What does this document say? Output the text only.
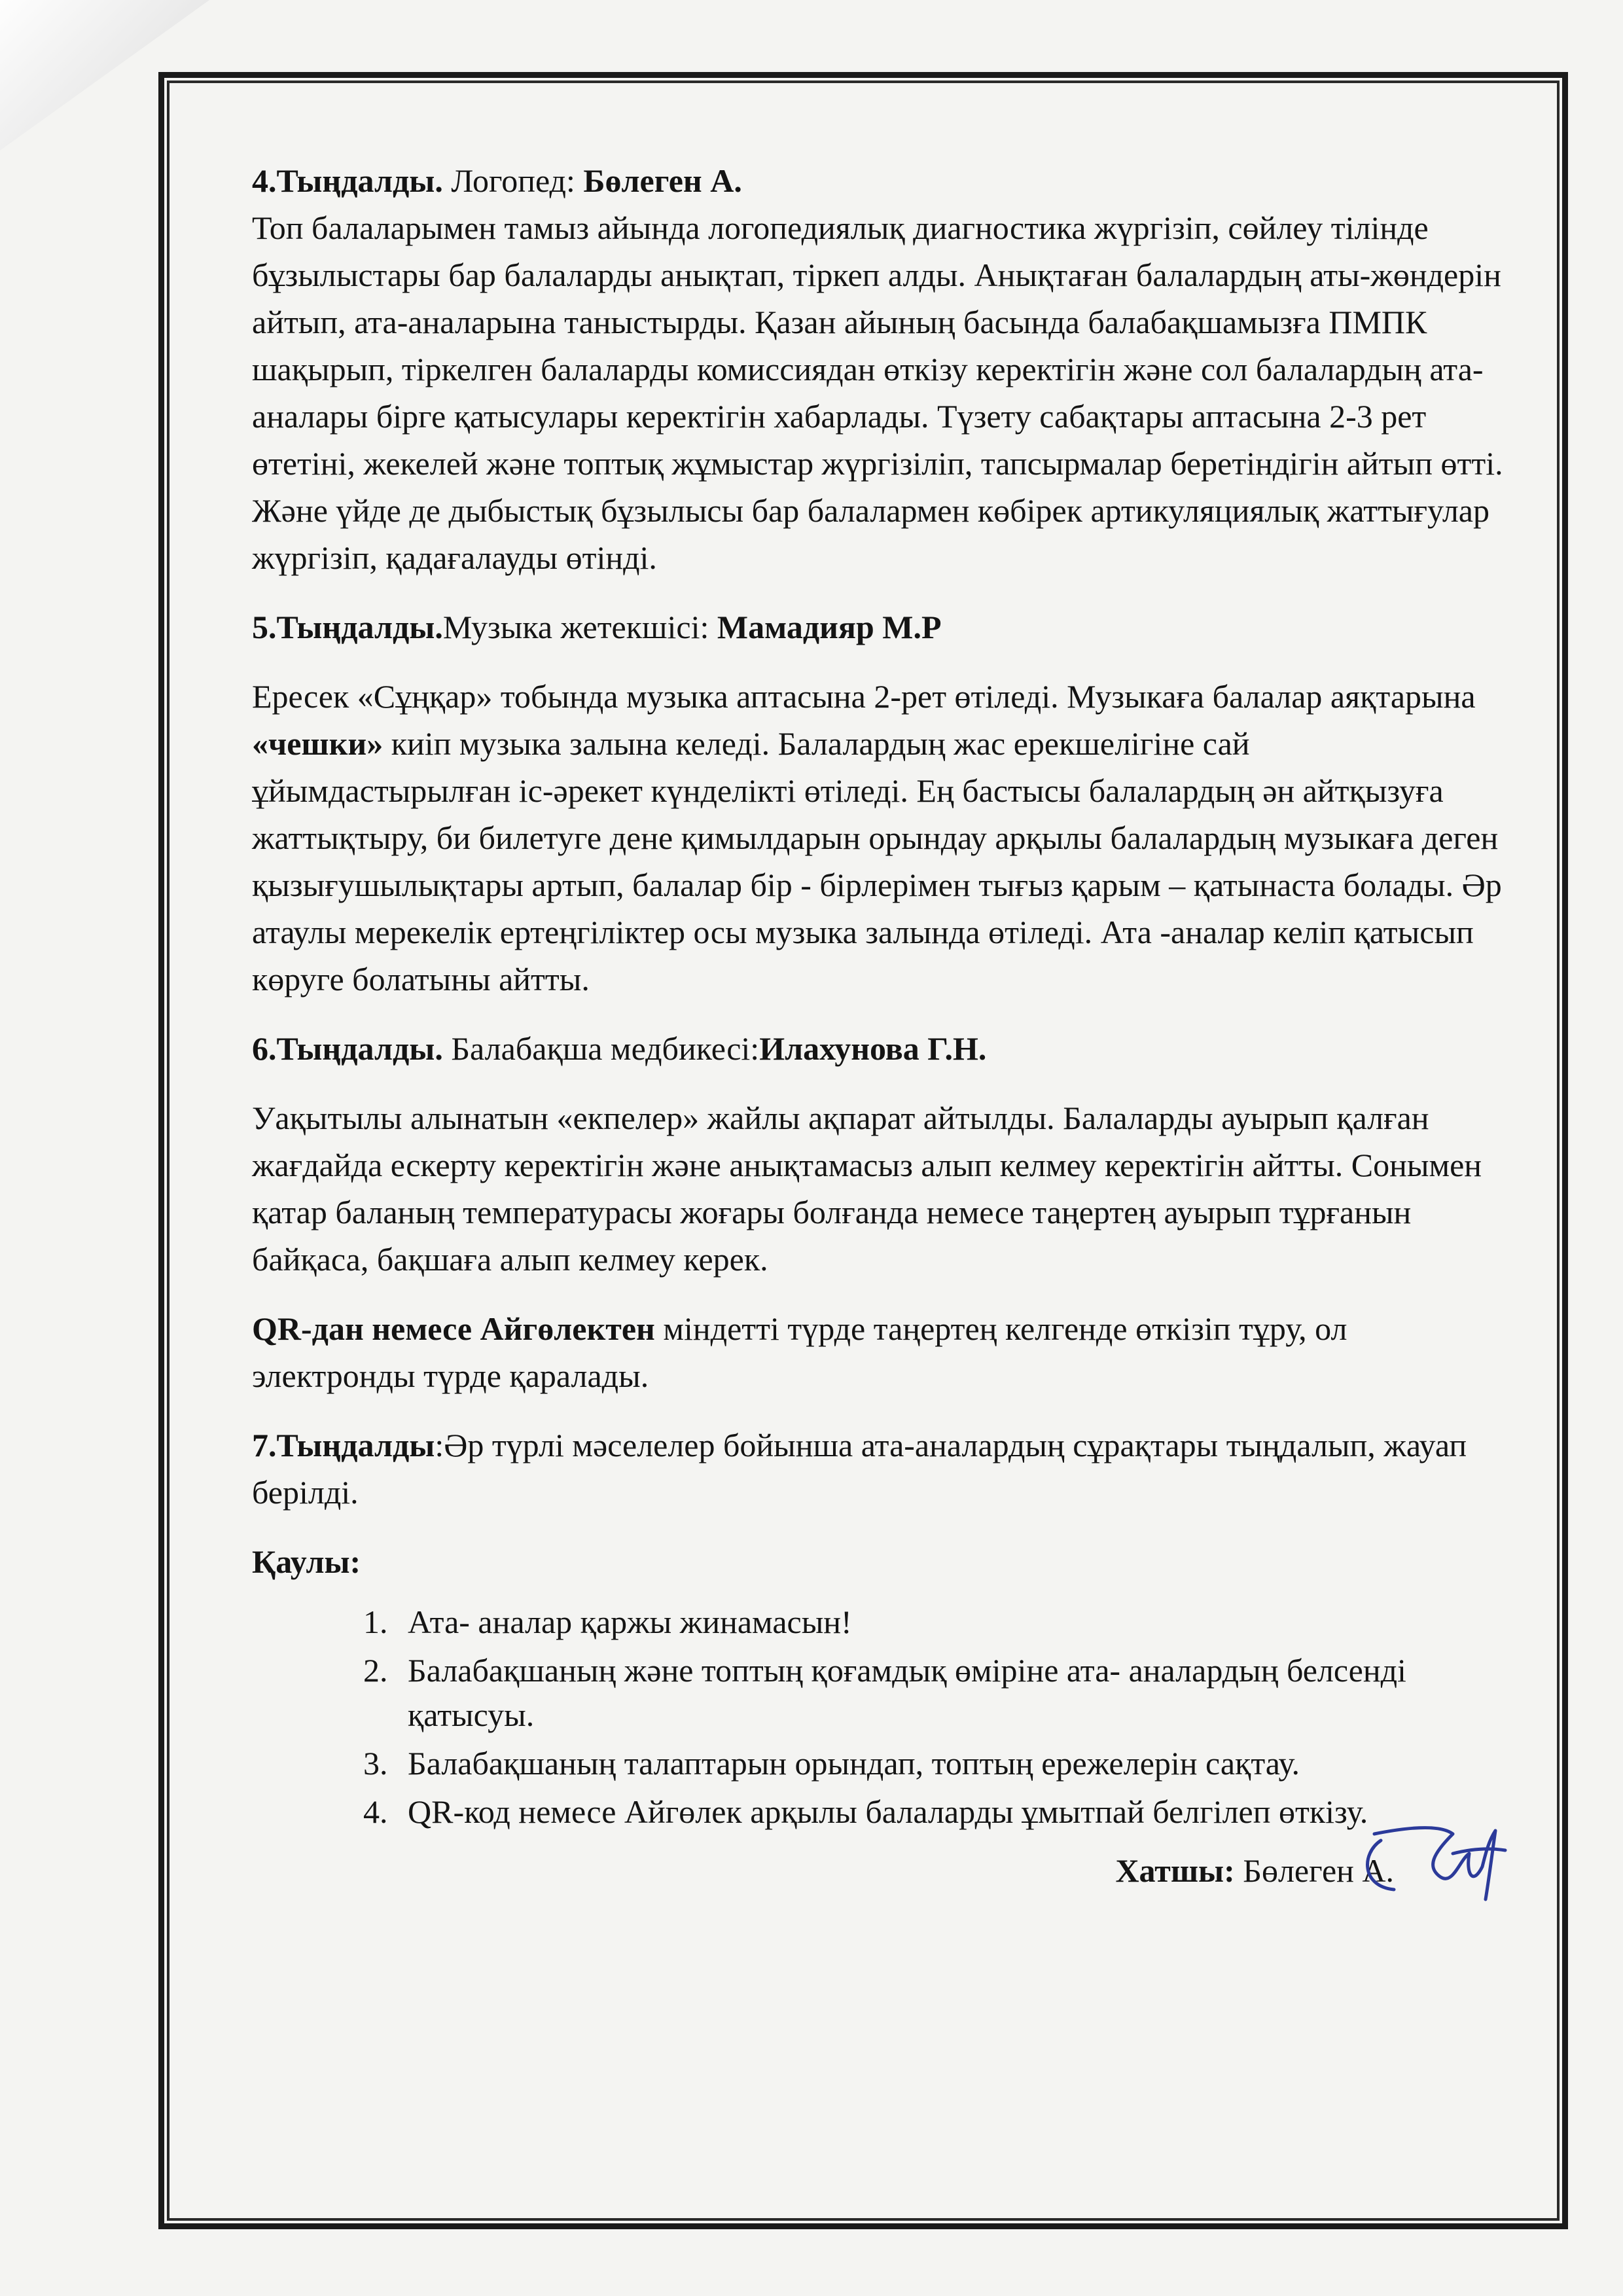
4.Тыңдалды. Логопед: Бөлеген А.

Топ балаларымен тамыз айында логопедиялық диагностика жүргізіп, сөйлеу тілінде бұзылыстары бар балаларды анықтап, тіркеп алды. Анықтаған балалардың аты-жөндерін айтып, ата-аналарына таныстырды. Қазан айының басында балабақшамызға ПМПК шақырып, тіркелген балаларды комиссиядан өткізу керектігін және сол балалардың ата-аналары бірге қатысулары керектігін хабарлады. Түзету сабақтары аптасына 2-3 рет өтетіні, жекелей және топтық жұмыстар жүргізіліп, тапсырмалар беретіндігін айтып өтті. Және үйде де дыбыстық бұзылысы бар балалармен көбірек артикуляциялық жаттығулар жүргізіп, қадағалауды өтінді.

5.Тыңдалды.Музыка жетекшісі: Мамадияр М.Р

Ересек «Сұңқар» тобында музыка аптасына 2-рет өтіледі. Музыкаға балалар аяқтарына «чешки» киіп музыка залына келеді. Балалардың жас ерекшелігіне сай ұйымдастырылған іс-әрекет күнделікті өтіледі. Ең бастысы балалардың ән айтқызуға жаттықтыру, би билетуге дене қимылдарын орындау арқылы балалардың музыкаға деген қызығушылықтары артып, балалар бір - бірлерімен тығыз қарым – қатынаста болады. Әр атаулы мерекелік ертеңгіліктер осы музыка залында өтіледі. Ата -аналар келіп қатысып көруге болатыны айтты.

6.Тыңдалды. Балабақша медбикесі:Илахунова Г.Н.

Уақытылы алынатын «екпелер» жайлы ақпарат айтылды. Балаларды ауырып қалған жағдайда ескерту керектігін және анықтамасыз алып келмеу керектігін айтты. Сонымен қатар баланың температурасы жоғары болғанда немесе таңертең ауырып тұрғанын байқаса, бақшаға алып келмеу керек.

QR-дан немесе Айгөлектен міндетті түрде таңертең келгенде өткізіп тұру, ол электронды түрде қаралады.

7.Тыңдалды:Әр түрлі мәселелер бойынша ата-аналардың сұрақтары тыңдалып, жауап берілді.

Қаулы:

1. Ата- аналар қаржы жинамасын!
2. Балабақшаның және топтың қоғамдық өміріне ата- аналардың белсенді қатысуы.
3. Балабақшаның талаптарын орындап, топтың ережелерін сақтау.
4. QR-код немесе Айгөлек арқылы балаларды ұмытпай белгілеп өткізу.
Хатшы: Бөлеген А.
